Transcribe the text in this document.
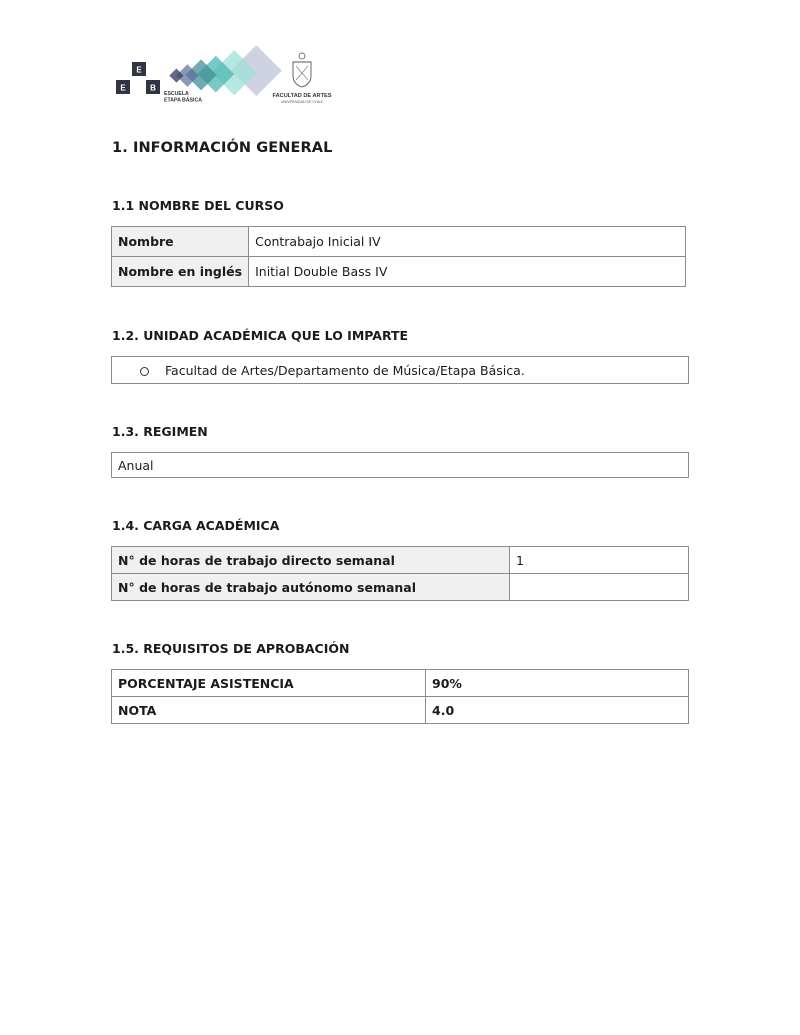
E
E	B
ESCUELA
ETAPA BÁSICA
FACULTAD DE ARTES
UNIVERSIDAD DE CHILE
1. INFORMACIÓN GENERAL
1.1 NOMBRE DEL CURSO
Nombre	Contrabajo Inicial IV
Nombre en inglés	Initial Double Bass IV
1.2. UNIDAD ACADÉMICA QUE LO IMPARTE
Facultad de Artes/Departamento de Música/Etapa Básica.
1.3. REGIMEN
Anual
1.4. CARGA ACADÉMICA
N° de horas de trabajo directo semanal	1
N° de horas de trabajo autónomo semanal	
1.5. REQUISITOS DE APROBACIÓN
PORCENTAJE ASISTENCIA	90%
NOTA	4.0
